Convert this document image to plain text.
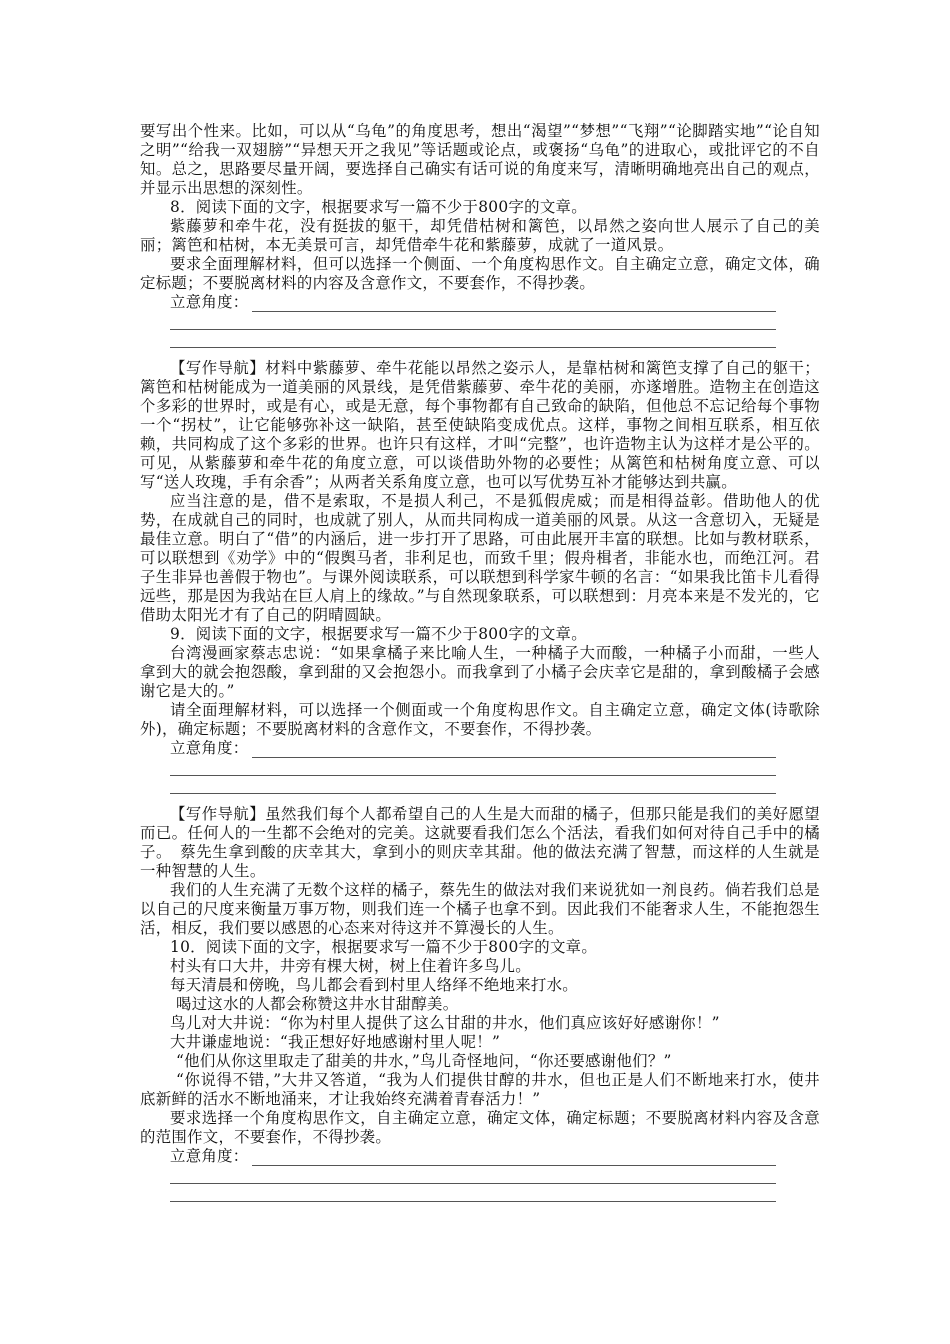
要写出个性来。比如，可以从“乌龟”的角度思考，想出“渴望”“梦想”“飞翔”“论脚踏实地”“论自知之明”“给我一双翅膀”“异想天开之我见”等话题或论点，或褒扬“乌龟”的进取心，或批评它的不自知。总之，思路要尽量开阔，要选择自己确实有话可说的角度来写，清晰明确地亮出自己的观点，并显示出思想的深刻性。

8．阅读下面的文字，根据要求写一篇不少于800字的文章。

紫藤萝和牵牛花，没有挺拔的躯干，却凭借枯树和篱笆，以昂然之姿向世人展示了自己的美丽；篱笆和枯树，本无美景可言，却凭借牵牛花和紫藤萝，成就了一道风景。

要求全面理解材料，但可以选择一个侧面、一个角度构思作文。自主确定立意，确定文体，确定标题；不要脱离材料的内容及含意作文，不要套作，不得抄袭。

立意角度：

【写作导航】材料中紫藤萝、牵牛花能以昂然之姿示人，是靠枯树和篱笆支撑了自己的躯干；篱笆和枯树能成为一道美丽的风景线，是凭借紫藤萝、牵牛花的美丽，亦遂增胜。造物主在创造这个多彩的世界时，或是有心，或是无意，每个事物都有自己致命的缺陷，但他总不忘记给每个事物一个“拐杖”，让它能够弥补这一缺陷，甚至使缺陷变成优点。这样，事物之间相互联系，相互依赖，共同构成了这个多彩的世界。也许只有这样，才叫“完整”，也许造物主认为这样才是公平的。可见，从紫藤萝和牵牛花的角度立意，可以谈借助外物的必要性；从篱笆和枯树角度立意、可以写“送人玫瑰，手有余香”；从两者关系角度立意，也可以写优势互补才能够达到共赢。

应当注意的是，借不是索取，不是损人利己，不是狐假虎威；而是相得益彰。借助他人的优势，在成就自己的同时，也成就了别人，从而共同构成一道美丽的风景。从这一含意切入，无疑是最佳立意。明白了“借”的内涵后，进一步打开了思路，可由此展开丰富的联想。比如与教材联系，可以联想到《劝学》中的“假舆马者，非利足也，而致千里；假舟楫者，非能水也，而绝江河。君子生非异也善假于物也”。与课外阅读联系，可以联想到科学家牛顿的名言：“如果我比笛卡儿看得远些，那是因为我站在巨人肩上的缘故。”与自然现象联系，可以联想到：月亮本来是不发光的，它借助太阳光才有了自己的阴晴圆缺。

9．阅读下面的文字，根据要求写一篇不少于800字的文章。

台湾漫画家蔡志忠说：“如果拿橘子来比喻人生，一种橘子大而酸，一种橘子小而甜，一些人拿到大的就会抱怨酸，拿到甜的又会抱怨小。而我拿到了小橘子会庆幸它是甜的，拿到酸橘子会感谢它是大的。”

请全面理解材料，可以选择一个侧面或一个角度构思作文。自主确定立意，确定文体(诗歌除外)，确定标题；不要脱离材料的含意作文，不要套作，不得抄袭。

立意角度：

【写作导航】虽然我们每个人都希望自己的人生是大而甜的橘子，但那只能是我们的美好愿望而已。任何人的一生都不会绝对的完美。这就要看我们怎么个活法，看我们如何对待自己手中的橘子。　蔡先生拿到酸的庆幸其大，拿到小的则庆幸其甜。他的做法充满了智慧，而这样的人生就是一种智慧的人生。

我们的人生充满了无数个这样的橘子，蔡先生的做法对我们来说犹如一剂良药。倘若我们总是以自己的尺度来衡量万事万物，则我们连一个橘子也拿不到。因此我们不能奢求人生，不能抱怨生活，相反，我们要以感恩的心态来对待这并不算漫长的人生。

10．阅读下面的文字，根据要求写一篇不少于800字的文章。

村头有口大井，井旁有棵大树，树上住着许多鸟儿。

每天清晨和傍晚，鸟儿都会看到村里人络绎不绝地来打水。

喝过这水的人都会称赞这井水甘甜醇美。

鸟儿对大井说：“你为村里人提供了这么甘甜的井水，他们真应该好好感谢你！”

大井谦虚地说：“我正想好好地感谢村里人呢！”

“他们从你这里取走了甜美的井水，”鸟儿奇怪地问，“你还要感谢他们？”

“你说得不错，”大井又答道，“我为人们提供甘醇的井水，但也正是人们不断地来打水，使井底新鲜的活水不断地涌来，才让我始终充满着青春活力！”

要求选择一个角度构思作文，自主确定立意，确定文体，确定标题；不要脱离材料内容及含意的范围作文，不要套作，不得抄袭。

立意角度：
